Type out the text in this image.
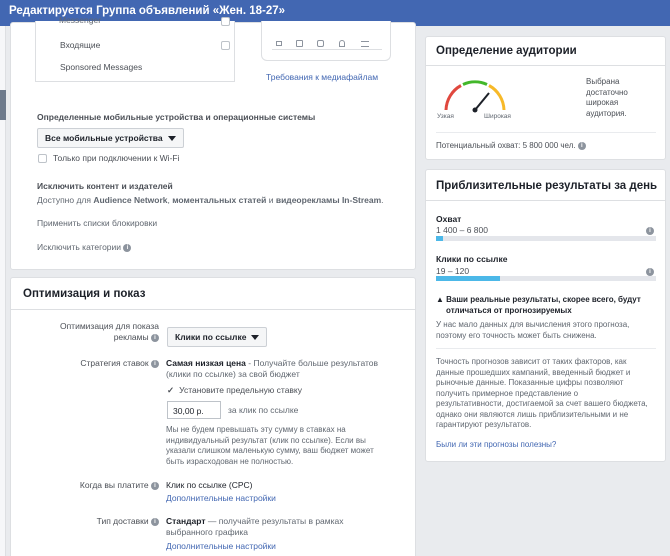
Редактируется Группа объявлений «Жен. 18-27»
Messenger
Входящие
Sponsored Messages
Требования к медиафайлам
Определенные мобильные устройства и операционные системы
Все мобильные устройства
Только при подключении к Wi-Fi
Исключить контент и издателей
Доступно для Audience Network, моментальных статей и видеорекламы In-Stream.
Применить списки блокировки
Исключить категории i
Оптимизация и показ
Оптимизация для показа
рекламы i	Клики по ссылке
Стратегия ставок i	Самая низкая цена - Получайте больше результатов
(клики по ссылке) за свой бюджет
✓ Установите предельную ставку
30,00 р.	за клик по ссылке
Мы не будем превышать эту сумму в ставках на
индивидуальный результат (клик по ссылке). Если вы
указали слишком маленькую сумму, ваш бюджет может
быть израсходован не полностью.
Когда вы платите i	Клик по ссылке (CPC)
Дополнительные настройки
Тип доставки i	Стандарт — получайте результаты в рамках
выбранного графика
Дополнительные настройки
Определение аудитории
Узкая	Широкая
Выбрана
достаточно
широкая
аудитория.
Потенциальный охват: 5 800 000 чел. i
Приблизительные результаты за день
Охват
1 400 – 6 800	i
Клики по ссылке
19 – 120	i
▲ Ваши реальные результаты, скорее всего, будут
отличаться от прогнозируемых
У нас мало данных для вычисления этого прогноза,
поэтому его точность может быть снижена.
Точность прогнозов зависит от таких факторов, как
данные прошедших кампаний, введенный бюджет и
рыночные данные. Показанные цифры позволяют
получить примерное представление о
результативности, достигаемой за счет вашего бюджета,
однако они являются лишь приблизительными и не
гарантируют результатов.
Были ли эти прогнозы полезны?
